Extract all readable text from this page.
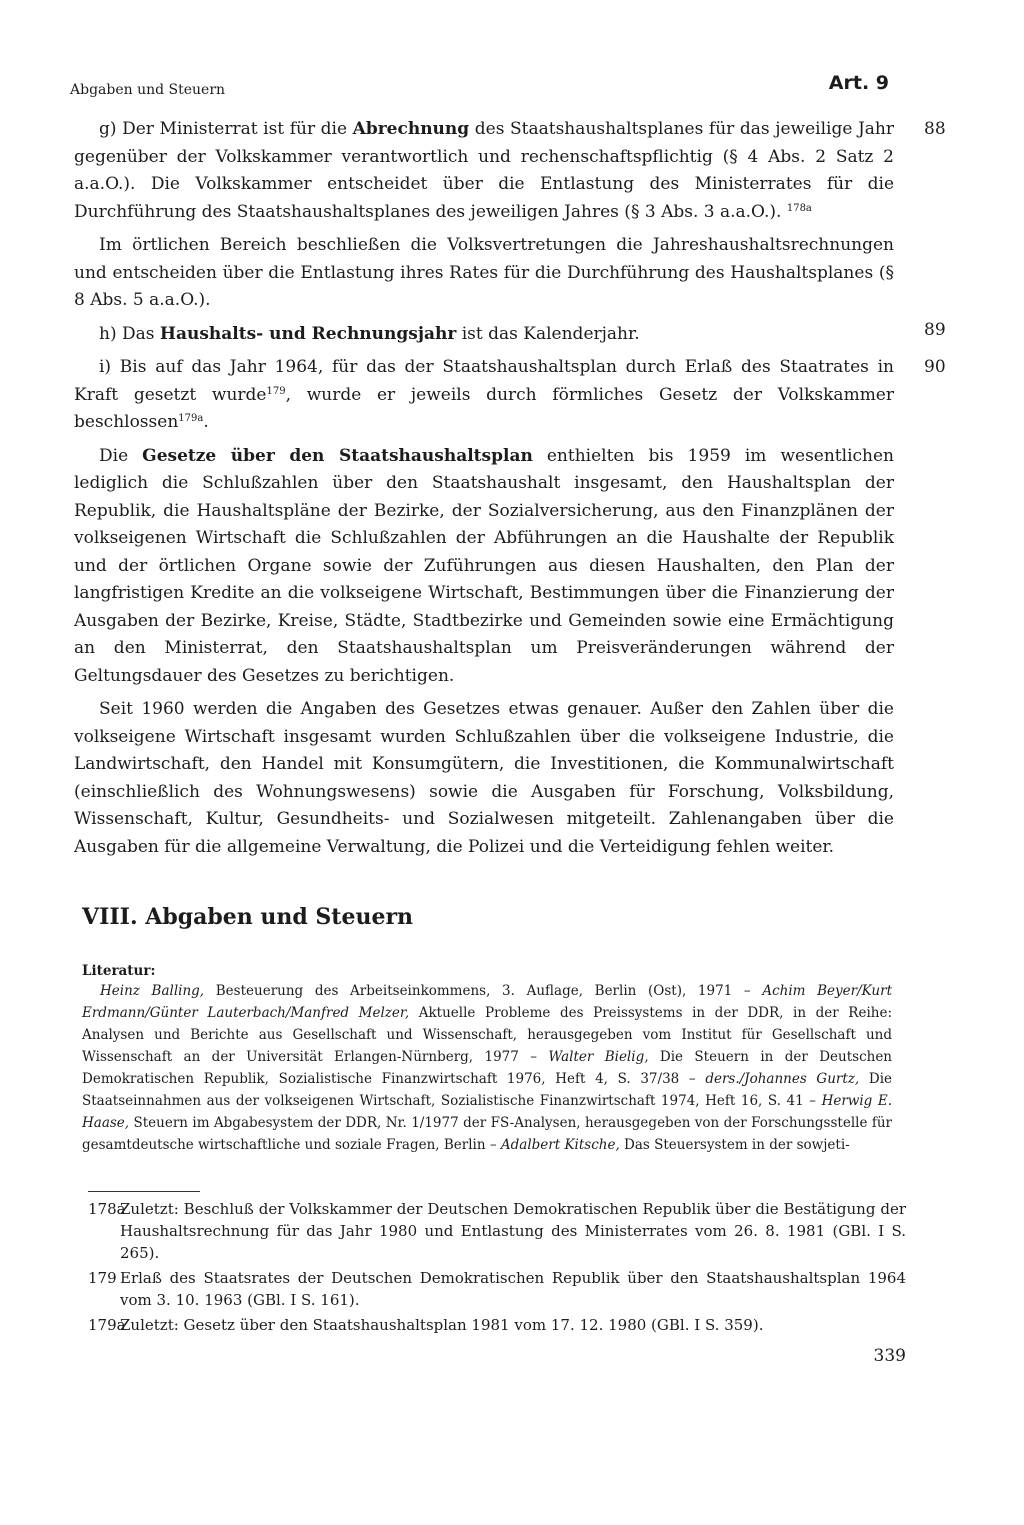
Abgaben und Steuern	Art. 9

88
g) Der Ministerrat ist für die Abrechnung des Staatshaushaltsplanes für das jeweilige Jahr gegenüber der Volkskammer verantwortlich und rechenschaftspflichtig (§ 4 Abs. 2 Satz 2 a.a.O.). Die Volkskammer entscheidet über die Entlastung des Ministerrates für die Durchführung des Staatshaushaltsplanes des jeweiligen Jahres (§ 3 Abs. 3 a.a.O.). $^{178a}$

Im örtlichen Bereich beschließen die Volksvertretungen die Jahreshaushaltsrechnungen und entscheiden über die Entlastung ihres Rates für die Durchführung des Haushaltsplanes (§ 8 Abs. 5 a.a.O.).

89
h) Das Haushalts- und Rechnungsjahr ist das Kalenderjahr.

90
i) Bis auf das Jahr 1964, für das der Staatshaushaltsplan durch Erlaß des Staatrates in Kraft gesetzt wurde$^{179}$, wurde er jeweils durch förmliches Gesetz der Volkskammer beschlossen$^{179a}$.

Die Gesetze über den Staatshaushaltsplan enthielten bis 1959 im wesentlichen lediglich die Schlußzahlen über den Staatshaushalt insgesamt, den Haushaltsplan der Republik, die Haushaltspläne der Bezirke, der Sozialversicherung, aus den Finanzplänen der volkseigenen Wirtschaft die Schlußzahlen der Abführungen an die Haushalte der Republik und der örtlichen Organe sowie der Zuführungen aus diesen Haushalten, den Plan der langfristigen Kredite an die volkseigene Wirtschaft, Bestimmungen über die Finanzierung der Ausgaben der Bezirke, Kreise, Städte, Stadtbezirke und Gemeinden sowie eine Ermächtigung an den Ministerrat, den Staatshaushaltsplan um Preisveränderungen während der Geltungsdauer des Gesetzes zu berichtigen.

Seit 1960 werden die Angaben des Gesetzes etwas genauer. Außer den Zahlen über die volkseigene Wirtschaft insgesamt wurden Schlußzahlen über die volkseigene Industrie, die Landwirtschaft, den Handel mit Konsumgütern, die Investitionen, die Kommunalwirtschaft (einschließlich des Wohnungswesens) sowie die Ausgaben für Forschung, Volksbildung, Wissenschaft, Kultur, Gesundheits- und Sozialwesen mitgeteilt. Zahlenangaben über die Ausgaben für die allgemeine Verwaltung, die Polizei und die Verteidigung fehlen weiter.

VIII. Abgaben und Steuern
Literatur:
Heinz Balling, Besteuerung des Arbeitseinkommens, 3. Auflage, Berlin (Ost), 1971 – Achim Beyer/Kurt Erdmann/Günter Lauterbach/Manfred Melzer, Aktuelle Probleme des Preissystems in der DDR, in der Reihe: Analysen und Berichte aus Gesellschaft und Wissenschaft, herausgegeben vom Institut für Gesellschaft und Wissenschaft an der Universität Erlangen-Nürnberg, 1977 – Walter Bielig, Die Steuern in der Deutschen Demokratischen Republik, Sozialistische Finanzwirtschaft 1976, Heft 4, S. 37/38 – ders./Johannes Gurtz, Die Staatseinnahmen aus der volkseigenen Wirtschaft, Sozialistische Finanzwirtschaft 1974, Heft 16, S. 41 – Herwig E. Haase, Steuern im Abgabesystem der DDR, Nr. 1/1977 der FS-Analysen, herausgegeben von der Forschungsstelle für gesamtdeutsche wirtschaftliche und soziale Fragen, Berlin – Adalbert Kitsche, Das Steuersystem in der sowjeti-
178a
Zuletzt: Beschluß der Volkskammer der Deutschen Demokratischen Republik über die Bestätigung der Haushaltsrechnung für das Jahr 1980 und Entlastung des Ministerrates vom 26. 8. 1981 (GBl. I S. 265).
179 Erlaß des Staatsrates der Deutschen Demokratischen Republik über den Staatshaushaltsplan 1964 vom 3. 10. 1963 (GBl. I S. 161).
179a
Zuletzt: Gesetz über den Staatshaushaltsplan 1981 vom 17. 12. 1980 (GBl. I S. 359).
339
